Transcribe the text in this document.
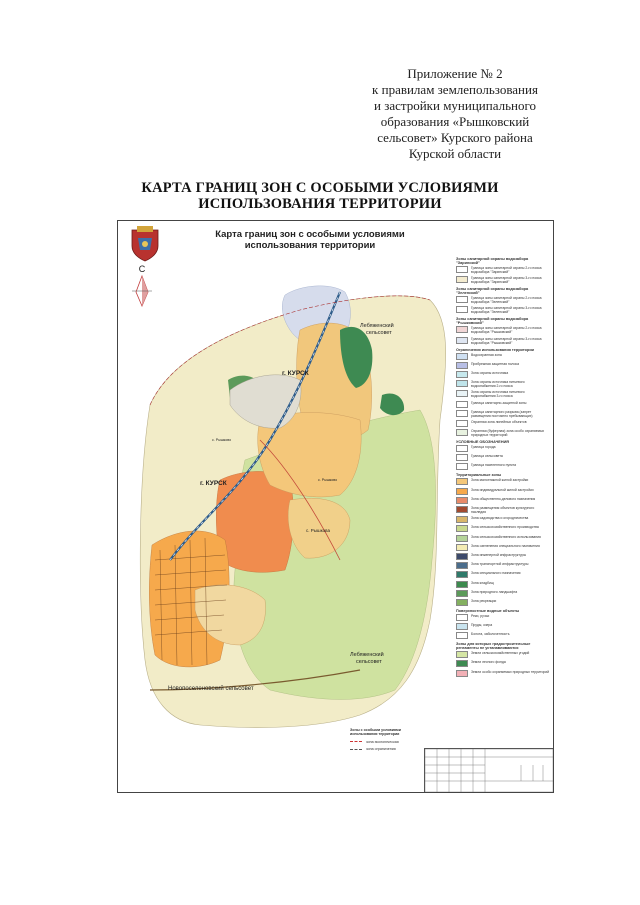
Приложение № 2
к правилам землепользования
и застройки муниципального
образования «Рышковский
сельсовет» Курского района
Курской области
КАРТА ГРАНИЦ ЗОН С ОСОБЫМИ УСЛОВИЯМИ
ИСПОЛЬЗОВАНИЯ ТЕРРИТОРИИ
С
Карта границ зон с особыми условиями
использования территории
г. КУРСК
г. КУРСК
Лебяженский
сельсовет
Лебяженский
сельсовет
Новопоселеновский сельсовет
с. Рышково
с. Рышкова
с. Рышково
Зоны санитарной охраны водозабора "Заринский"
Граница зоны санитарной охраны 2-го пояса водозабора "Заринский"
Граница зоны санитарной охраны 3-го пояса водозабора "Заринский"
Зоны санитарной охраны водозабора "Зеленский"
Граница зоны санитарной охраны 2-го пояса водозабора "Зеленский"
Граница зоны санитарной охраны 3-го пояса водозабора "Зеленский"
Зоны санитарной охраны водозабора "Рышковский"
Граница зоны санитарной охраны 2-го пояса водозабора "Рышковский"
Граница зоны санитарной охраны 3-го пояса водозабора "Рышковский"
Ограничения использования территории
Водоохранная зона
Прибрежная защитная полоса
Зона охраны источника
Зона охраны источника питьевого водоснабжения 2-го пояса
Зона охраны источника питьевого водоснабжения 3-го пояса
Граница санитарно-защитной зоны
Граница санитарного разрыва (запрет размещения постоянно пребывающих)
Охранная зона линейных объектов
Охранная (буферная) зона особо охраняемых природных территорий
УСЛОВНЫЕ ОБОЗНАЧЕНИЯ
Граница города
Граница сельсовета
Граница населенного пункта
Территориальные зоны
Зона малоэтажной жилой застройки
Зона индивидуальной жилой застройки
Зона общественно-делового назначения
Зона размещения объектов культурного наследия
Зона садоводства и огородничества
Зона сельскохозяйственного производства
Зона сельскохозяйственного использования
Зона озеленения специального назначения
Зона инженерной инфраструктуры
Зона транспортной инфраструктуры
Зона специального назначения
Зона кладбищ
Зона природного ландшафта
Зона рекреации
Поверхностные водные объекты
Реки, ручьи
Пруды, озера
Болота, заболоченность
Зоны для которых градостроительные регламенты не устанавливаются
Земли сельскохозяйственных угодий
Земли лесного фонда
Земли особо охраняемых природных территорий
Зоны с особыми условиями
использования территории
зона экологическая
зона ограничения
